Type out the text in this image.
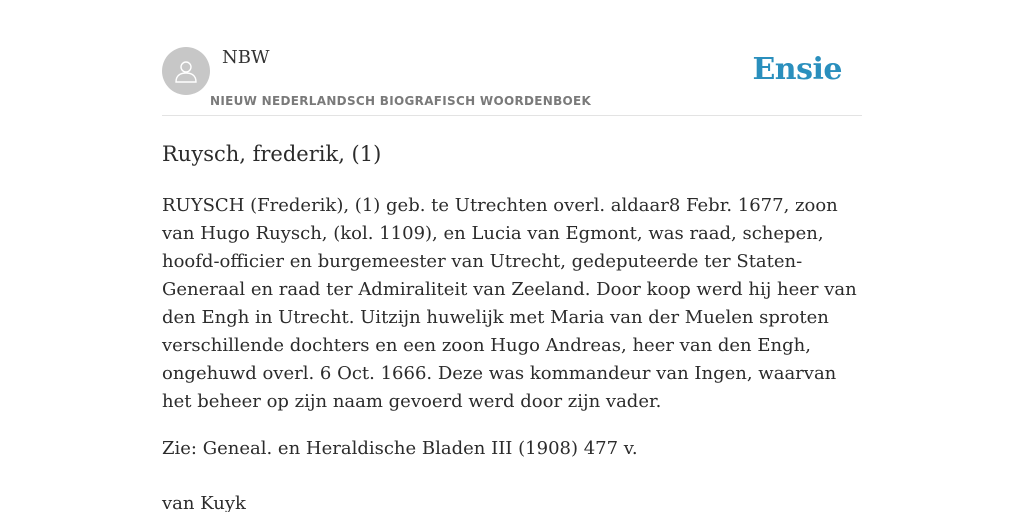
NBW
NIEUW NEDERLANDSCH BIOGRAFISCH WOORDENBOEK
Ensie
Ruysch, frederik, (1)

RUYSCH (Frederik), (1) geb. te Utrechten overl. aldaar8 Febr. 1677, zoon van Hugo Ruysch, (kol. 1109), en Lucia van Egmont, was raad, schepen, hoofd-officier en burgemeester van Utrecht, gedeputeerde ter Staten-Generaal en raad ter Admiraliteit van Zeeland. Door koop werd hij heer van den Engh in Utrecht. Uitzijn huwelijk met Maria van der Muelen sproten verschillende dochters en een zoon Hugo Andreas, heer van den Engh, ongehuwd overl. 6 Oct. 1666. Deze was kommandeur van Ingen, waarvan het beheer op zijn naam gevoerd werd door zijn vader.

Zie: Geneal. en Heraldische Bladen III (1908) 477 v.

van Kuyk
